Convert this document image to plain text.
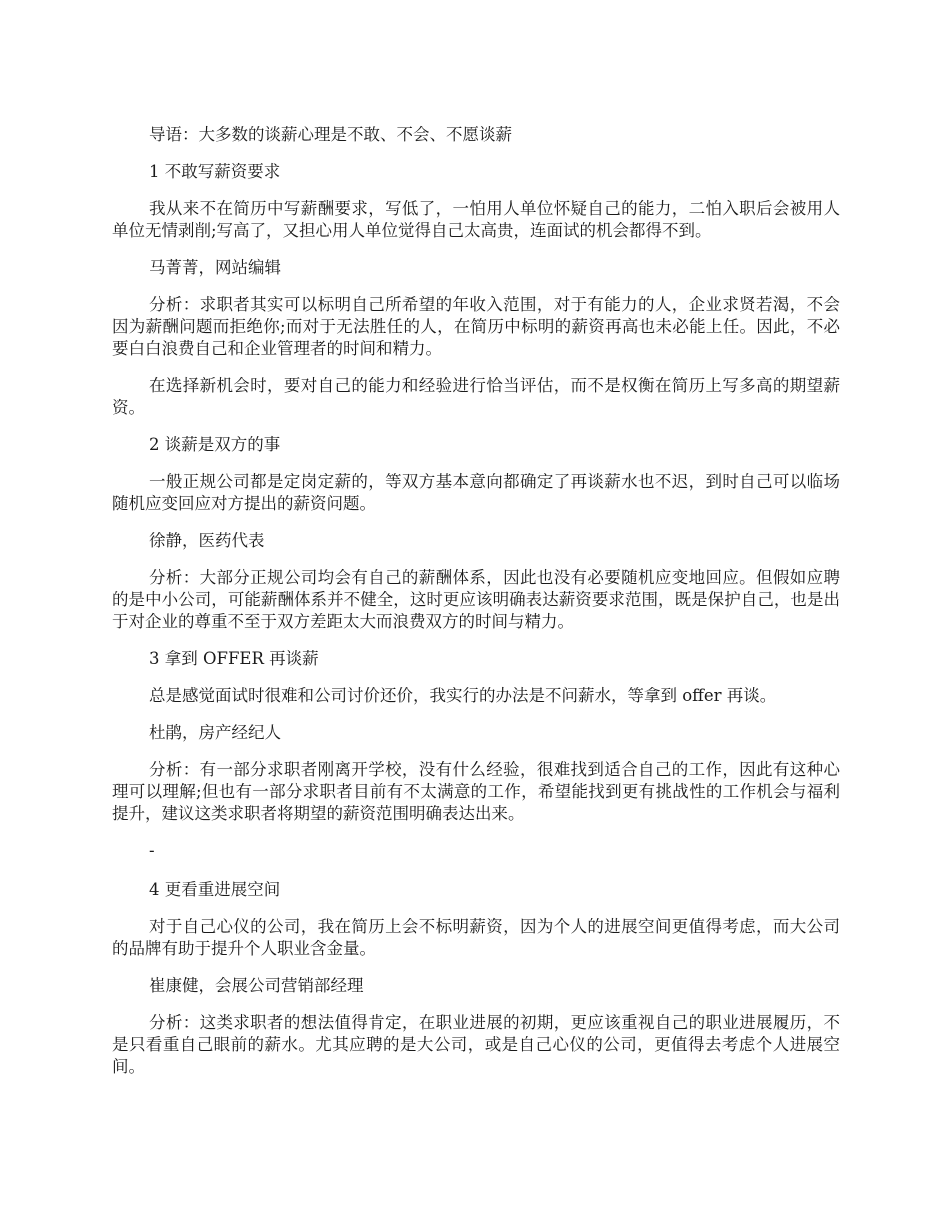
导语：大多数的谈薪心理是不敢、不会、不愿谈薪

1 不敢写薪资要求

我从来不在简历中写薪酬要求，写低了，一怕用人单位怀疑自己的能力，二怕入职后会被用人单位无情剥削;写高了，又担心用人单位觉得自己太高贵，连面试的机会都得不到。

马菁菁，网站编辑

分析：求职者其实可以标明自己所希望的年收入范围，对于有能力的人，企业求贤若渴，不会因为薪酬问题而拒绝你;而对于无法胜任的人，在简历中标明的薪资再高也未必能上任。因此，不必要白白浪费自己和企业管理者的时间和精力。

在选择新机会时，要对自己的能力和经验进行恰当评估，而不是权衡在简历上写多高的期望薪资。

2 谈薪是双方的事

一般正规公司都是定岗定薪的，等双方基本意向都确定了再谈薪水也不迟，到时自己可以临场随机应变回应对方提出的薪资问题。

徐静，医药代表

分析：大部分正规公司均会有自己的薪酬体系，因此也没有必要随机应变地回应。但假如应聘的是中小公司，可能薪酬体系并不健全，这时更应该明确表达薪资要求范围，既是保护自己，也是出于对企业的尊重不至于双方差距太大而浪费双方的时间与精力。

3 拿到 OFFER 再谈薪

总是感觉面试时很难和公司讨价还价，我实行的办法是不问薪水，等拿到 offer 再谈。

杜鹃，房产经纪人

分析：有一部分求职者刚离开学校，没有什么经验，很难找到适合自己的工作，因此有这种心理可以理解;但也有一部分求职者目前有不太满意的工作，希望能找到更有挑战性的工作机会与福利提升，建议这类求职者将期望的薪资范围明确表达出来。

-

4 更看重进展空间

对于自己心仪的公司，我在简历上会不标明薪资，因为个人的进展空间更值得考虑，而大公司的品牌有助于提升个人职业含金量。

崔康健，会展公司营销部经理

分析：这类求职者的想法值得肯定，在职业进展的初期，更应该重视自己的职业进展履历，不是只看重自己眼前的薪水。尤其应聘的是大公司，或是自己心仪的公司，更值得去考虑个人进展空间。
